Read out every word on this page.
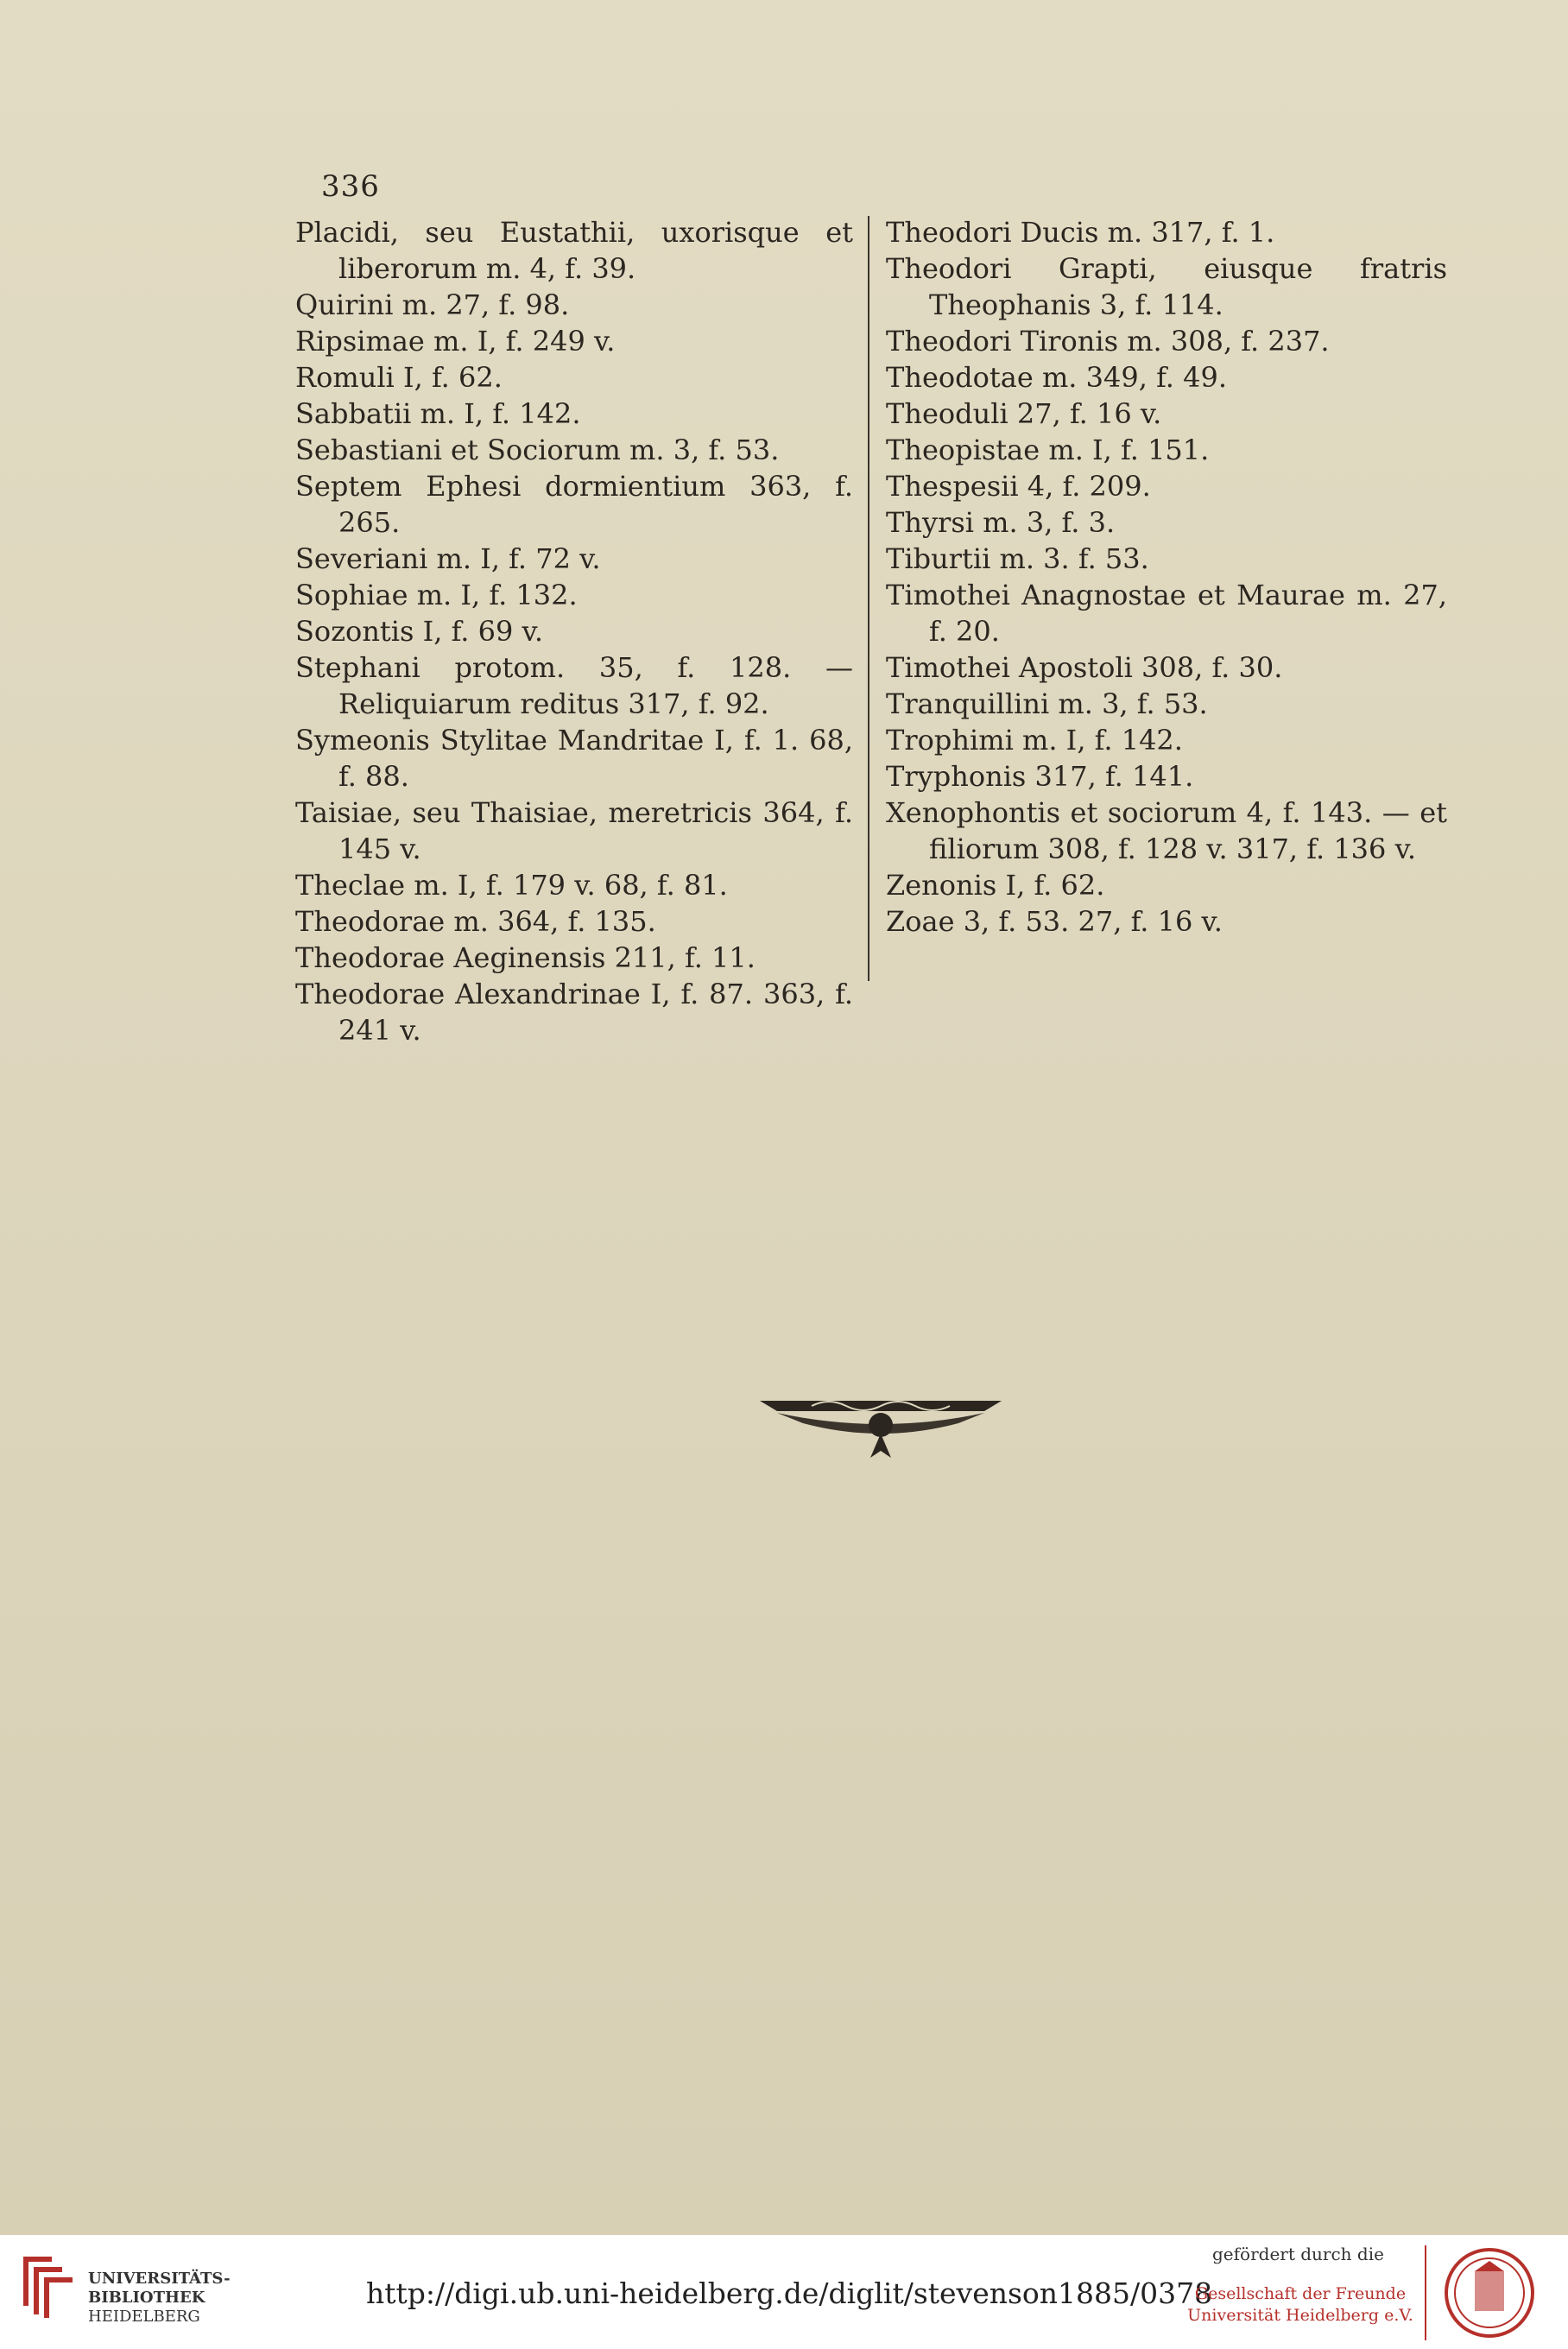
336
Placidi, seu Eustathii, uxorisque et liberorum m. 4, f. 39.
Quirini m. 27, f. 98.
Ripsimae m. I, f. 249 v.
Romuli I, f. 62.
Sabbatii m. I, f. 142.
Sebastiani et Sociorum m. 3, f. 53.
Septem Ephesi dormientium 363, f. 265.
Severiani m. I, f. 72 v.
Sophiae m. I, f. 132.
Sozontis I, f. 69 v.
Stephani protom. 35, f. 128. — Reliquiarum reditus 317, f. 92.
Symeonis Stylitae Mandritae I, f. 1. 68, f. 88.
Taisiae, seu Thaisiae, meretricis 364, f. 145 v.
Theclae m. I, f. 179 v. 68, f. 81.
Theodorae m. 364, f. 135.
Theodorae Aeginensis 211, f. 11.
Theodorae Alexandrinae I, f. 87. 363, f. 241 v.
Theodori Ducis m. 317, f. 1.
Theodori Grapti, eiusque fratris Theophanis 3, f. 114.
Theodori Tironis m. 308, f. 237.
Theodotae m. 349, f. 49.
Theoduli 27, f. 16 v.
Theopistae m. I, f. 151.
Thespesii 4, f. 209.
Thyrsi m. 3, f. 3.
Tiburtii m. 3. f. 53.
Timothei Anagnostae et Maurae m. 27, f. 20.
Timothei Apostoli 308, f. 30.
Tranquillini m. 3, f. 53.
Trophimi m. I, f. 142.
Tryphonis 317, f. 141.
Xenophontis et sociorum 4, f. 143. — et filiorum 308, f. 128 v. 317, f. 136 v.
Zenonis I, f. 62.
Zoae 3, f. 53. 27, f. 16 v.
UNIVERSITÄTS-
BIBLIOTHEK
HEIDELBERG
http://digi.ub.uni-heidelberg.de/diglit/stevenson1885/0378
gefördert durch die
Gesellschaft der Freunde
Universität Heidelberg e.V.
